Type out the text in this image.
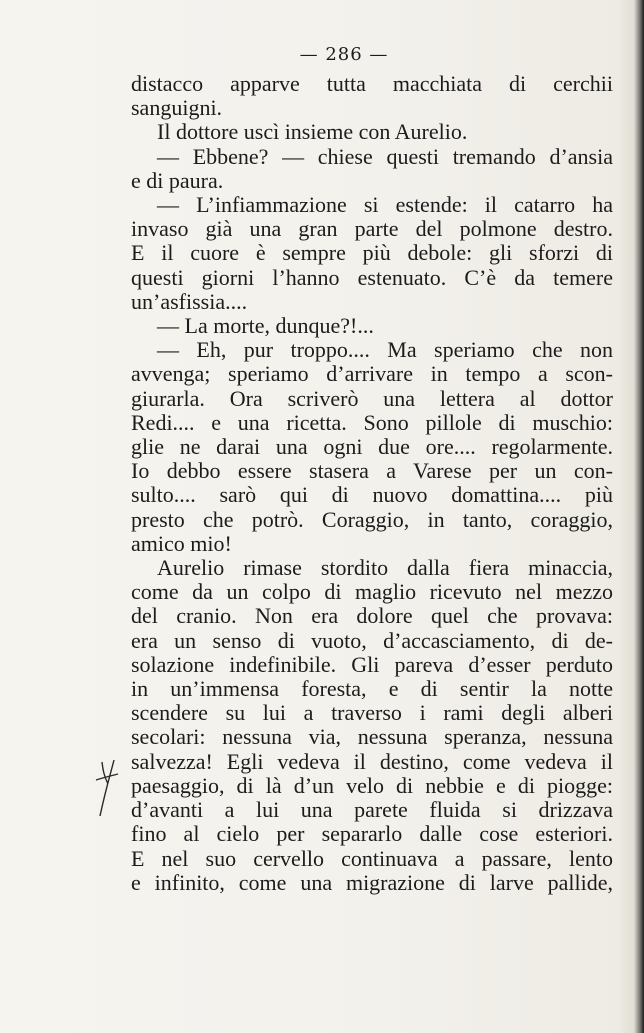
— 286 —
distacco apparve tutta macchiata di cerchii
sanguigni.
Il dottore uscì insieme con Aurelio.
— Ebbene? — chiese questi tremando d’ansia
e di paura.
— L’infiammazione si estende: il catarro ha
invaso già una gran parte del polmone destro.
E il cuore è sempre più debole: gli sforzi di
questi giorni l’hanno estenuato. C’è da temere
un’asfissia....
— La morte, dunque?!...
— Eh, pur troppo.... Ma speriamo che non
avvenga; speriamo d’arrivare in tempo a scon-
giurarla. Ora scriverò una lettera al dottor
Redi.... e una ricetta. Sono pillole di muschio:
glie ne darai una ogni due ore.... regolarmente.
Io debbo essere stasera a Varese per un con-
sulto.... sarò qui di nuovo domattina.... più
presto che potrò. Coraggio, in tanto, coraggio,
amico mio!
Aurelio rimase stordito dalla fiera minaccia,
come da un colpo di maglio ricevuto nel mezzo
del cranio. Non era dolore quel che provava:
era un senso di vuoto, d’accasciamento, di de-
solazione indefinibile. Gli pareva d’esser perduto
in un’immensa foresta, e di sentir la notte
scendere su lui a traverso i rami degli alberi
secolari: nessuna via, nessuna speranza, nessuna
salvezza! Egli vedeva il destino, come vedeva il
paesaggio, di là d’un velo di nebbie e di piogge:
d’avanti a lui una parete fluida si drizzava
fino al cielo per separarlo dalle cose esteriori.
E nel suo cervello continuava a passare, lento
e infinito, come una migrazione di larve pallide,
